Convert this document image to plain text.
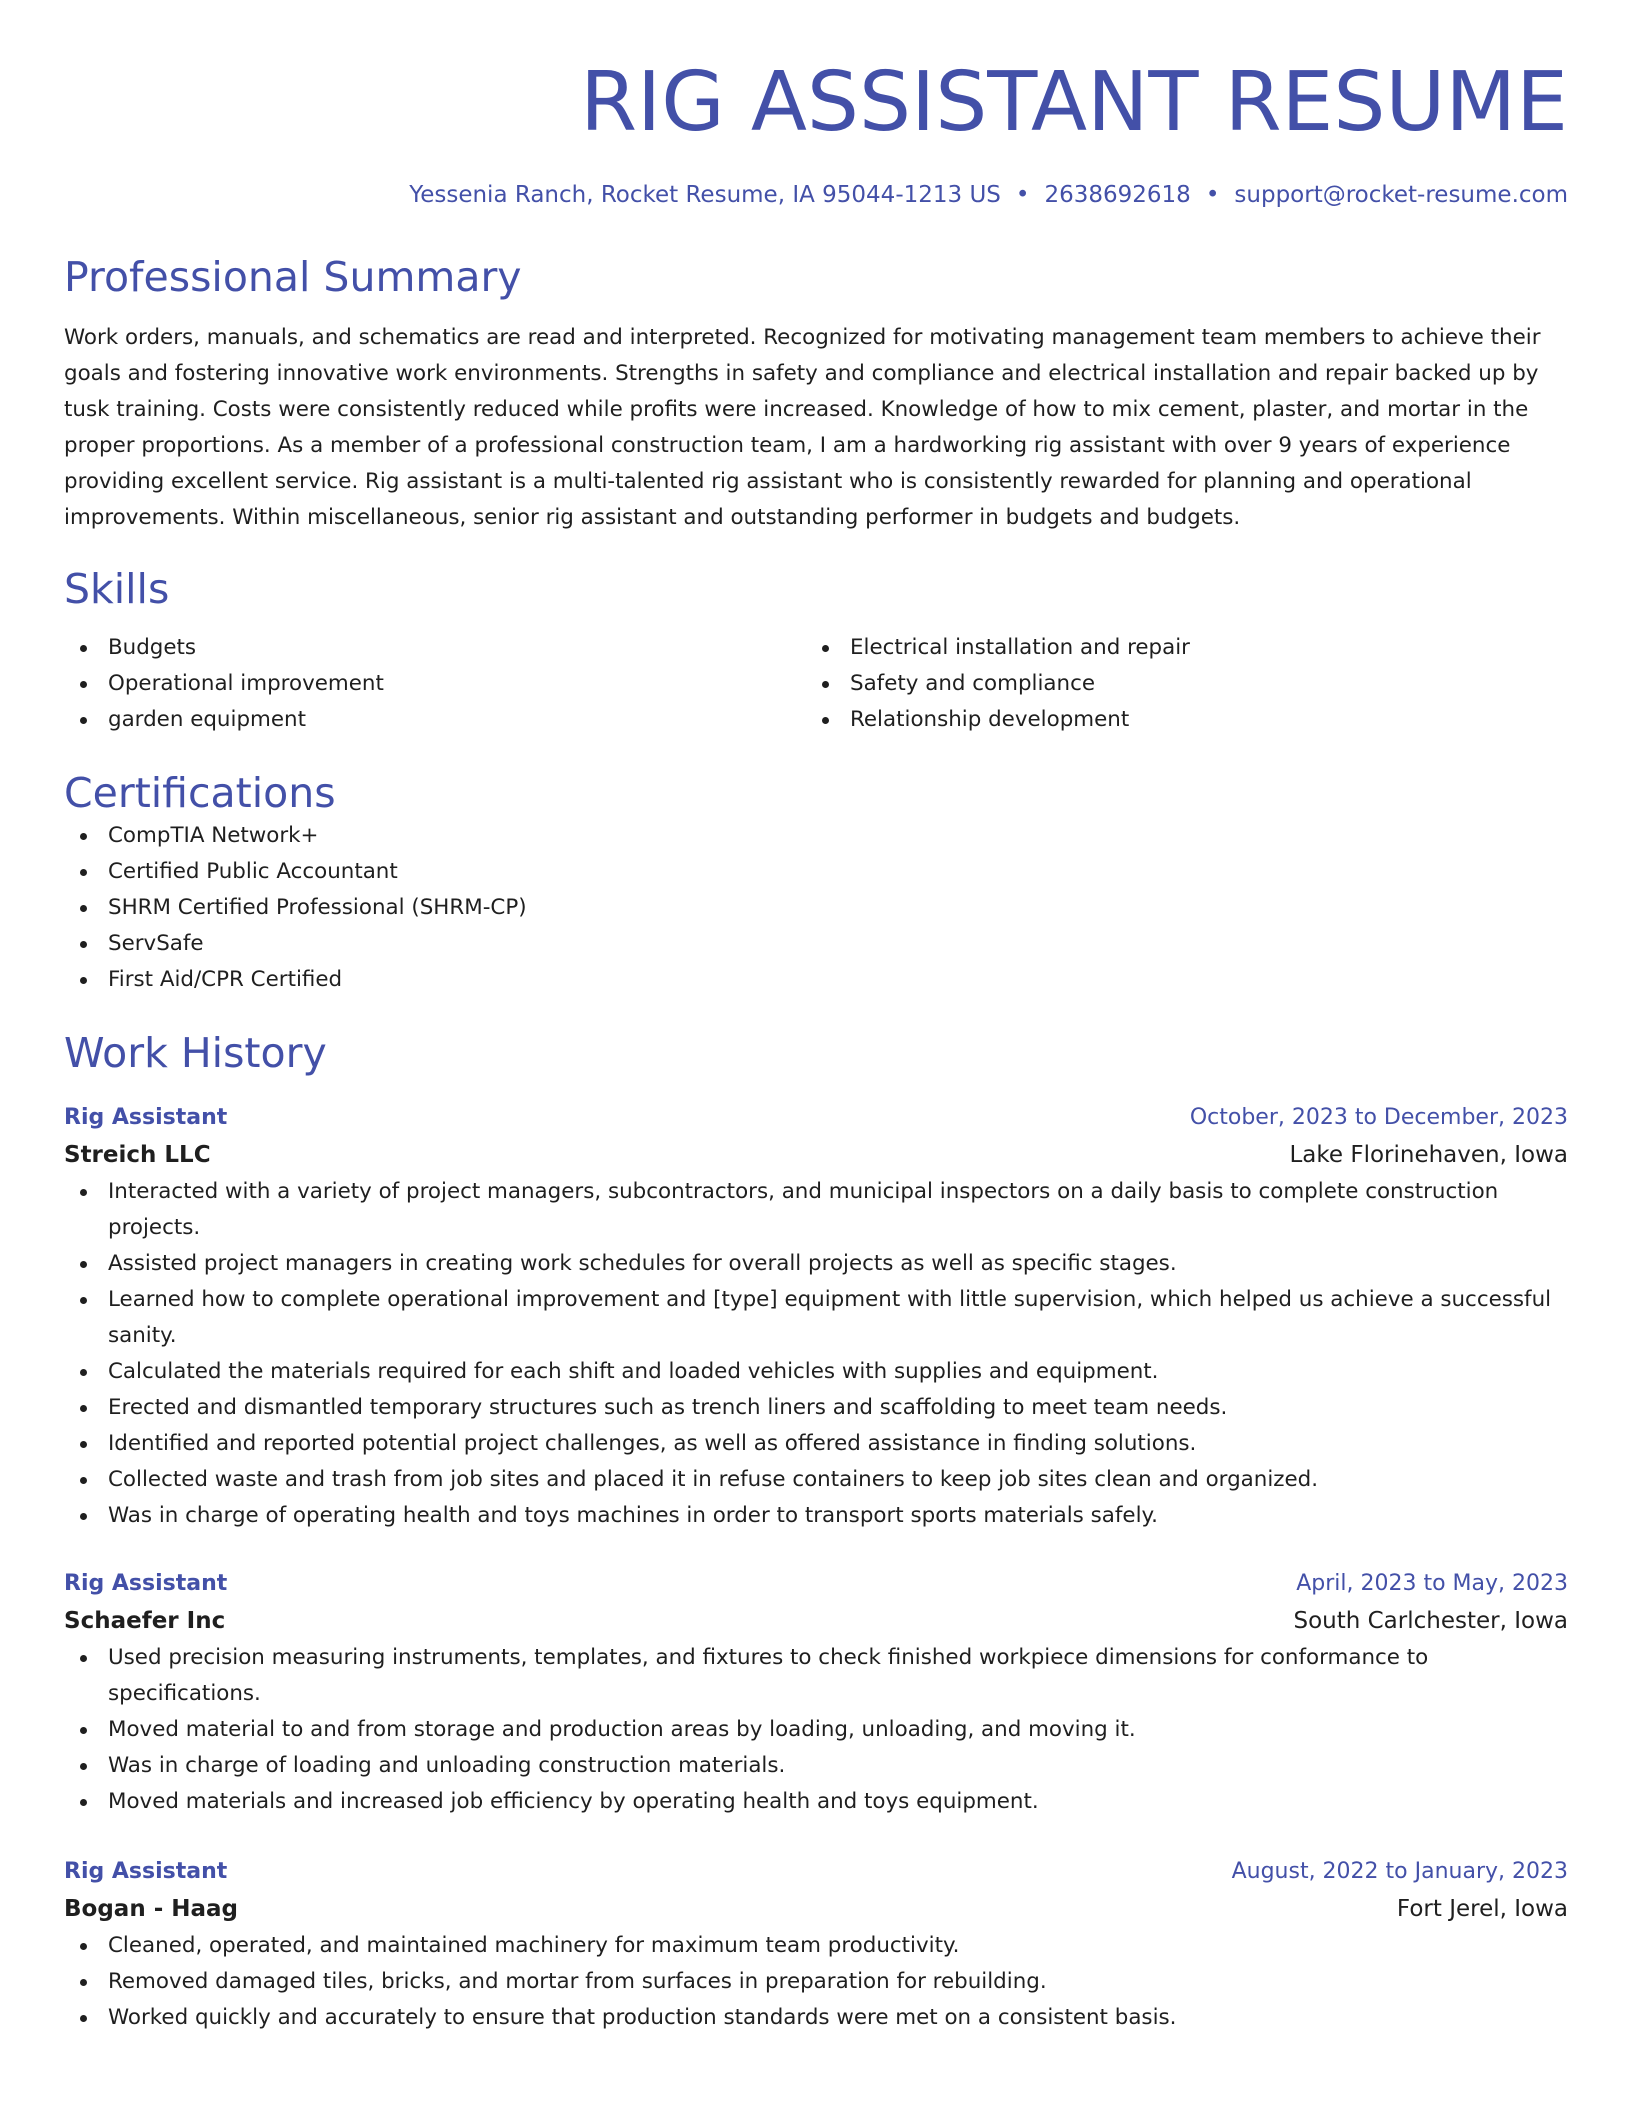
RIG ASSISTANT RESUME
Yessenia Ranch, Rocket Resume, IA 95044-1213 US • 2638692618 • support@rocket-resume.com
Professional Summary

Work orders, manuals, and schematics are read and interpreted. Recognized for motivating management team members to achieve their goals and fostering innovative work environments. Strengths in safety and compliance and electrical installation and repair backed up by tusk training. Costs were consistently reduced while profits were increased. Knowledge of how to mix cement, plaster, and mortar in the proper proportions. As a member of a professional construction team, I am a hardworking rig assistant with over 9 years of experience providing excellent service. Rig assistant is a multi-talented rig assistant who is consistently rewarded for planning and operational improvements. Within miscellaneous, senior rig assistant and outstanding performer in budgets and budgets.

Skills
Budgets
Operational improvement
garden equipment
Electrical installation and repair
Safety and compliance
Relationship development
Certifications
CompTIA Network+
Certified Public Accountant
SHRM Certified Professional (SHRM-CP)
ServSafe
First Aid/CPR Certified
Work History
Rig Assistant	October, 2023 to December, 2023
Streich LLC	Lake Florinehaven, Iowa
Interacted with a variety of project managers, subcontractors, and municipal inspectors on a daily basis to complete construction projects.
Assisted project managers in creating work schedules for overall projects as well as specific stages.
Learned how to complete operational improvement and [type] equipment with little supervision, which helped us achieve a successful sanity.
Calculated the materials required for each shift and loaded vehicles with supplies and equipment.
Erected and dismantled temporary structures such as trench liners and scaffolding to meet team needs.
Identified and reported potential project challenges, as well as offered assistance in finding solutions.
Collected waste and trash from job sites and placed it in refuse containers to keep job sites clean and organized.
Was in charge of operating health and toys machines in order to transport sports materials safely.
Rig Assistant	April, 2023 to May, 2023
Schaefer Inc	South Carlchester, Iowa
Used precision measuring instruments, templates, and fixtures to check finished workpiece dimensions for conformance to specifications.
Moved material to and from storage and production areas by loading, unloading, and moving it.
Was in charge of loading and unloading construction materials.
Moved materials and increased job efficiency by operating health and toys equipment.
Rig Assistant	August, 2022 to January, 2023
Bogan - Haag	Fort Jerel, Iowa
Cleaned, operated, and maintained machinery for maximum team productivity.
Removed damaged tiles, bricks, and mortar from surfaces in preparation for rebuilding.
Worked quickly and accurately to ensure that production standards were met on a consistent basis.
